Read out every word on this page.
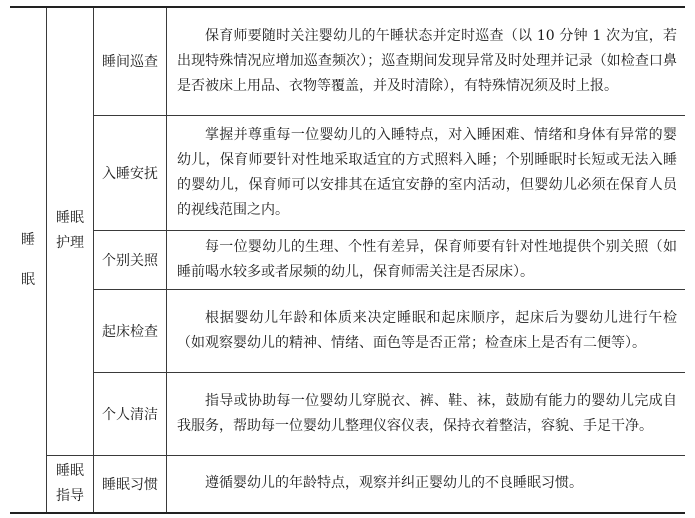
睡眠	睡眠护理	睡间巡查	保育师要随时关注婴幼儿的午睡状态并定时巡查（以 10 分钟 1 次为宜，若出现特殊情况应增加巡查频次）；巡查期间发现异常及时处理并记录（如检查口鼻是否被床上用品、衣物等覆盖，并及时清除），有特殊情况须及时上报。
		入睡安抚	掌握并尊重每一位婴幼儿的入睡特点，对入睡困难、情绪和身体有异常的婴幼儿，保育师要针对性地采取适宜的方式照料入睡；个别睡眠时长短或无法入睡的婴幼儿，保育师可以安排其在适宜安静的室内活动，但婴幼儿必须在保育人员的视线范围之内。
		个别关照	每一位婴幼儿的生理、个性有差异，保育师要有针对性地提供个别关照（如睡前喝水较多或者尿频的幼儿，保育师需关注是否尿床）。
		起床检查	根据婴幼儿年龄和体质来决定睡眠和起床顺序，起床后为婴幼儿进行午检（如观察婴幼儿的精神、情绪、面色等是否正常；检查床上是否有二便等）。
		个人清洁	指导或协助每一位婴幼儿穿脱衣、裤、鞋、袜，鼓励有能力的婴幼儿完成自我服务，帮助每一位婴幼儿整理仪容仪表，保持衣着整洁，容貌、手足干净。
	睡眠指导	睡眠习惯	遵循婴幼儿的年龄特点，观察并纠正婴幼儿的不良睡眠习惯。
